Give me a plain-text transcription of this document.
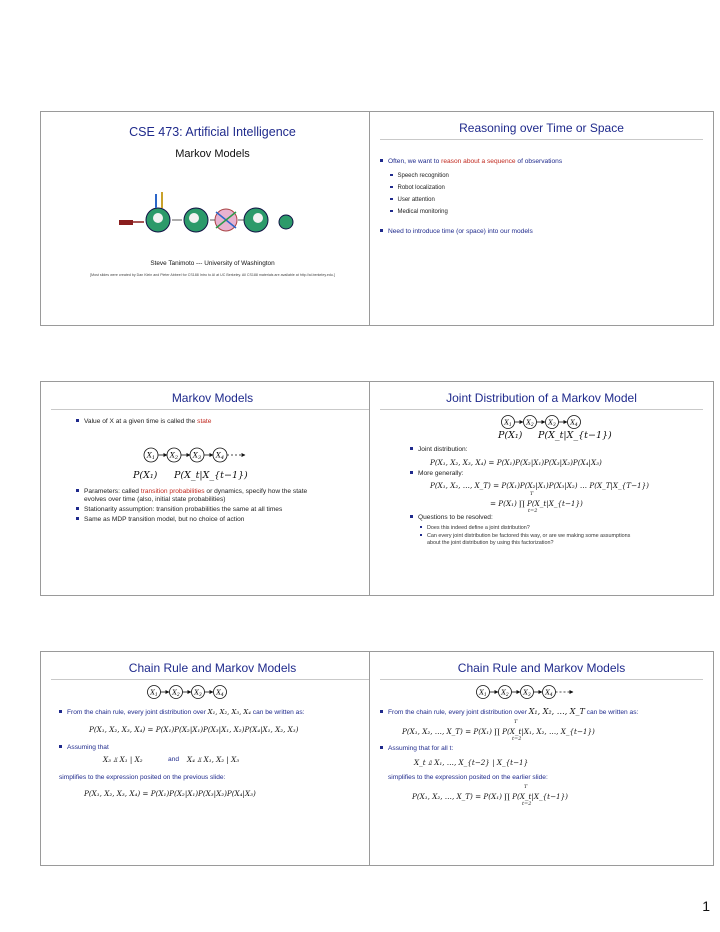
CSE 473: Artificial Intelligence
Markov Models
Steve Tanimoto --- University of Washington
[Most slides were created by Dan Klein and Pieter Abbeel for CS188 Intro to AI at UC Berkeley. All CS188 materials are available at http://ai.berkeley.edu.]
Reasoning over Time or Space
Often, we want to reason about a sequence of observations
Speech recognition
Robot localization
User attention
Medical monitoring
Need to introduce time (or space) into our models
Markov Models
Value of X at a given time is called the state
$X_1$ $X_2$ $X_3$ $X_4$
P(X₁) P(X_t|X_{t−1})
Parameters: called transition probabilities or dynamics, specify how the state
evolves over time (also, initial state probabilities)
Stationarity assumption: transition probabilities the same at all times
Same as MDP transition model, but no choice of action
Joint Distribution of a Markov Model
$X_1$ $X_2$ $X_3$ $X_4$
P(X₁) P(X_t|X_{t−1})
Joint distribution:
P(X₁, X₂, X₃, X₄) = P(X₁)P(X₂|X₁)P(X₃|X₂)P(X₄|X₃)
More generally:
P(X₁, X₂, …, X_T) = P(X₁)P(X₂|X₁)P(X₃|X₂) … P(X_T|X_{T−1})
= P(X₁) ∏ P(X_t|X_{t−1})
T
t=2
Questions to be resolved:
Does this indeed define a joint distribution?
Can every joint distribution be factored this way, or are we making some assumptions
about the joint distribution by using this factorization?
Chain Rule and Markov Models
$X_1$ $X_2$ $X_3$ $X_4$
From the chain rule, every joint distribution over X₁, X₂, X₃, X₄ can be written as:
P(X₁, X₂, X₃, X₄) = P(X₁)P(X₂|X₁)P(X₃|X₁, X₂)P(X₄|X₁, X₂, X₃)
Assuming that
X₃ ⫫ X₁ | X₂	and X₄ ⫫ X₁, X₂ | X₃
simplifies to the expression posited on the previous slide:
P(X₁, X₂, X₃, X₄) = P(X₁)P(X₂|X₁)P(X₃|X₂)P(X₄|X₃)
Chain Rule and Markov Models
$X_1$ $X_2$ $X_3$ $X_4$
From the chain rule, every joint distribution over X₁, X₂, …, X_T can be written as:
T
P(X₁, X₂, …, X_T) = P(X₁) ∏ P(X_t|X₁, X₂, …, X_{t−1})
t=2
Assuming that for all t:
X_t ⫫ X₁, …, X_{t−2} | X_{t−1}
simplifies to the expression posited on the earlier slide:
T
P(X₁, X₂, …, X_T) = P(X₁) ∏ P(X_t|X_{t−1})
t=2
1
